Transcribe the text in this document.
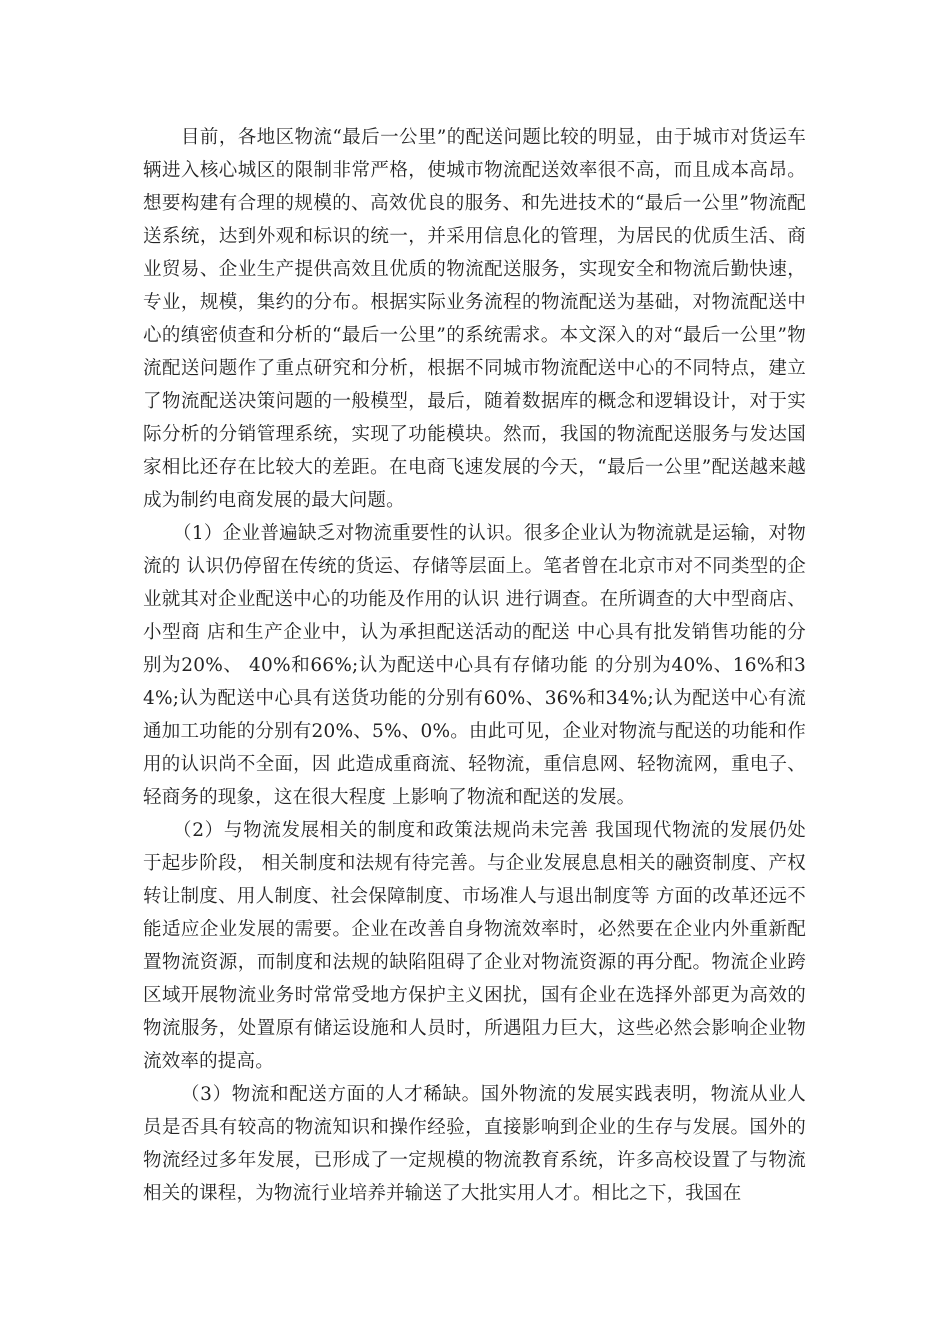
目前，各地区物流“最后一公里”的配送问题比较的明显，由于城市对货运车辆进入核心城区的限制非常严格，使城市物流配送效率很不高，而且成本高昂。想要构建有合理的规模的、高效优良的服务、和先进技术的“最后一公里”物流配送系统，达到外观和标识的统一，并采用信息化的管理，为居民的优质生活、商业贸易、企业生产提供高效且优质的物流配送服务，实现安全和物流后勤快速，专业，规模，集约的分布。根据实际业务流程的物流配送为基础，对物流配送中心的缜密侦查和分析的“最后一公里”的系统需求。本文深入的对“最后一公里”物流配送问题作了重点研究和分析，根据不同城市物流配送中心的不同特点，建立了物流配送决策问题的一般模型，最后，随着数据库的概念和逻辑设计，对于实际分析的分销管理系统，实现了功能模块。然而，我国的物流配送服务与发达国家相比还存在比较大的差距。在电商飞速发展的今天，“最后一公里”配送越来越成为制约电商发展的最大问题。

（1）企业普遍缺乏对物流重要性的认识。很多企业认为物流就是运输，对物流的 认识仍停留在传统的货运、存储等层面上。笔者曾在北京市对不同类型的企 业就其对企业配送中心的功能及作用的认识 进行调查。在所调查的大中型商店、小型商 店和生产企业中，认为承担配送活动的配送 中心具有批发销售功能的分别为20%、 40%和66%;认为配送中心具有存储功能 的分别为40%、16%和34%;认为配送中心具有送货功能的分别有60%、36%和34%;认为配送中心有流通加工功能的分别有20%、5%、0%。由此可见，企业对物流与配送的功能和作用的认识尚不全面，因 此造成重商流、轻物流，重信息网、轻物流网，重电子、轻商务的现象，这在很大程度 上影响了物流和配送的发展。

（2）与物流发展相关的制度和政策法规尚未完善 我国现代物流的发展仍处于起步阶段， 相关制度和法规有待完善。与企业发展息息相关的融资制度、产权转让制度、用人制度、社会保障制度、市场准人与退出制度等 方面的改革还远不能适应企业发展的需要。企业在改善自身物流效率时，必然要在企业内外重新配置物流资源，而制度和法规的缺陷阻碍了企业对物流资源的再分配。物流企业跨区域开展物流业务时常常受地方保护主义困扰，国有企业在选择外部更为高效的物流服务，处置原有储运设施和人员时，所遇阻力巨大，这些必然会影响企业物流效率的提高。

（3）物流和配送方面的人才稀缺。国外物流的发展实践表明，物流从业人员是否具有较高的物流知识和操作经验，直接影响到企业的生存与发展。国外的物流经过多年发展，已形成了一定规模的物流教育系统，许多高校设置了与物流相关的课程，为物流行业培养并输送了大批实用人才。相比之下，我国在
